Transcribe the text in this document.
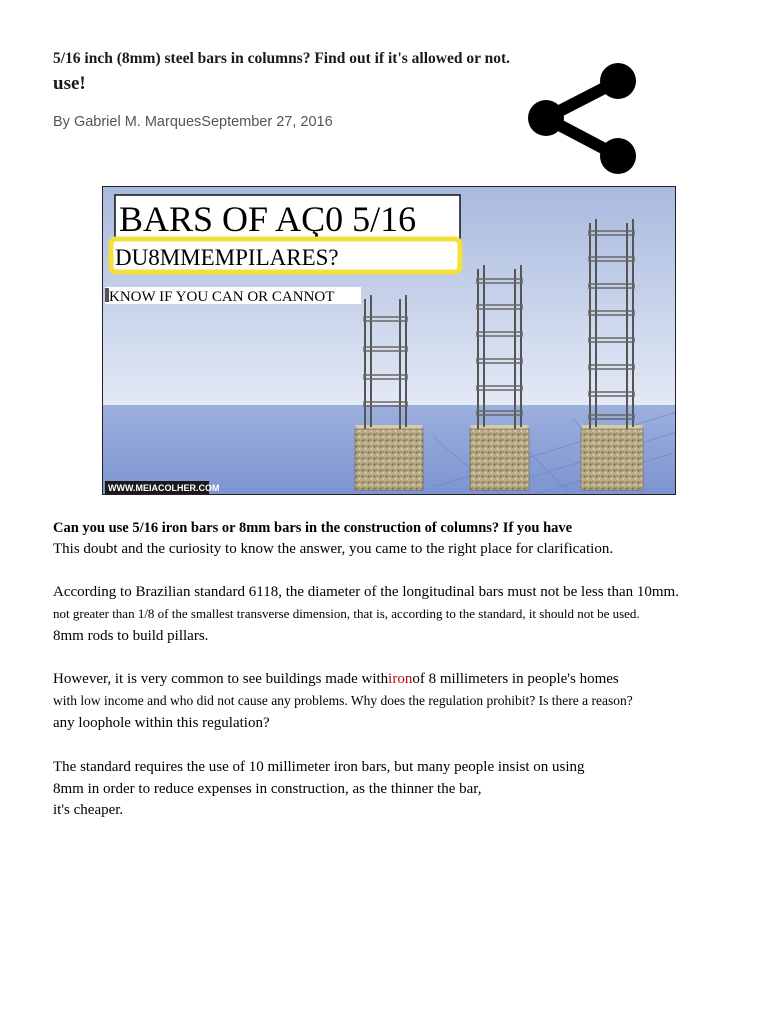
5/16 inch (8mm) steel bars in columns? Find out if it's allowed or not.
use!
By Gabriel M. MarquesSeptember 27, 2016
BARS OF AÇ0 5/16
DU8MMEMPILARES?
KNOW IF YOU CAN OR CANNOT
WWW.MEIACOLHER.COM
Can you use 5/16 iron bars or 8mm bars in the construction of columns? If you have
This doubt and the curiosity to know the answer, you came to the right place for clarification.
According to Brazilian standard 6118, the diameter of the longitudinal bars must not be less than 10mm.
not greater than 1/8 of the smallest transverse dimension, that is, according to the standard, it should not be used.
8mm rods to build pillars.
However, it is very common to see buildings made withironof 8 millimeters in people's homes
with low income and who did not cause any problems. Why does the regulation prohibit? Is there a reason?
any loophole within this regulation?
The standard requires the use of 10 millimeter iron bars, but many people insist on using
8mm in order to reduce expenses in construction, as the thinner the bar,
it's cheaper.
